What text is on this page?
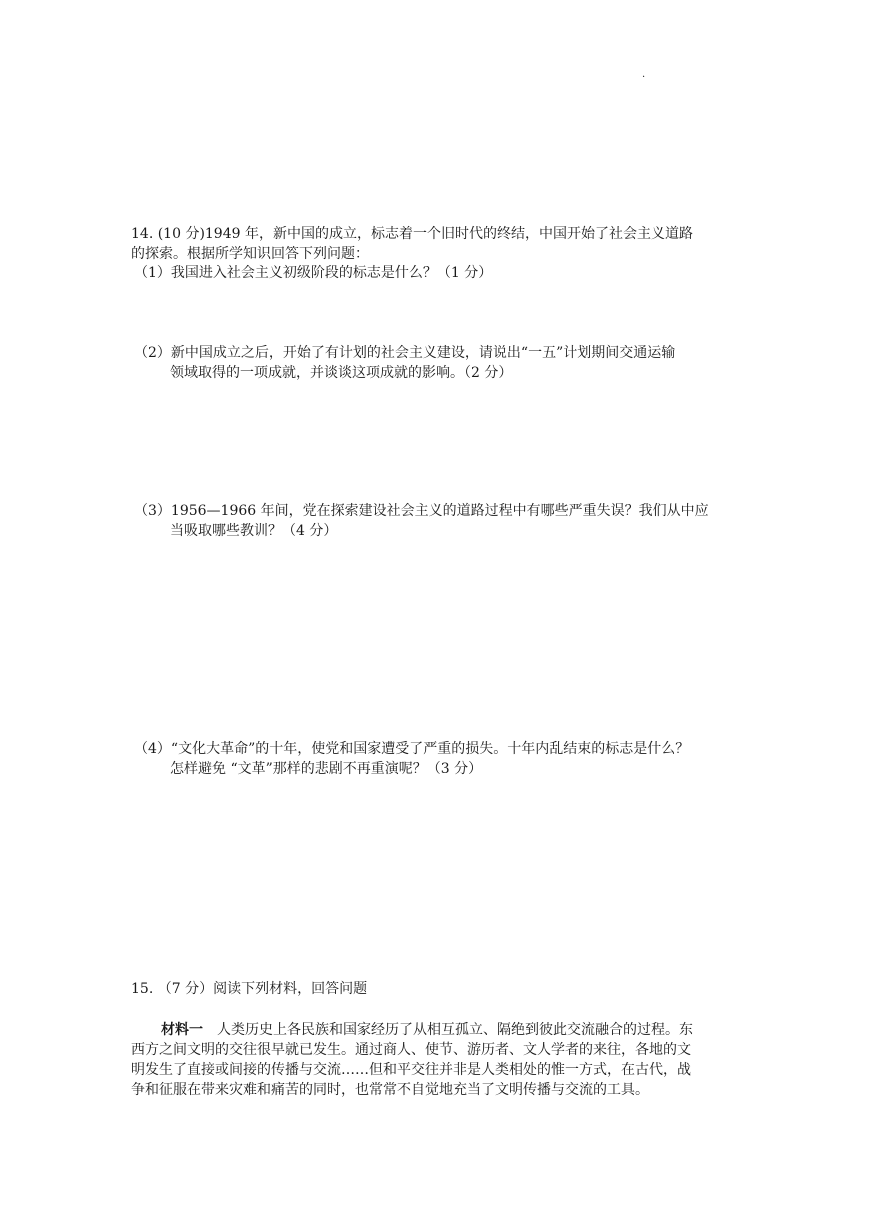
.
14. (10 分)1949 年，新中国的成立，标志着一个旧时代的终结，中国开始了社会主义道路
的探索。根据所学知识回答下列问题：
（1）我国进入社会主义初级阶段的标志是什么？（1 分）
（2）新中国成立之后，开始了有计划的社会主义建设，请说出“一五”计划期间交通运输
领域取得的一项成就，并谈谈这项成就的影响。（2 分）
（3）1956—1966 年间，党在探索建设社会主义的道路过程中有哪些严重失误？我们从中应
当吸取哪些教训？（4 分）
（4）“文化大革命”的十年，使党和国家遭受了严重的损失。十年内乱结束的标志是什么？
怎样避免 “文革”那样的悲剧不再重演呢？（3 分）
15. （7 分）阅读下列材料，回答问题
材料一 人类历史上各民族和国家经历了从相互孤立、隔绝到彼此交流融合的过程。东
西方之间文明的交往很早就已发生。通过商人、使节、游历者、文人学者的来往，各地的文
明发生了直接或间接的传播与交流……但和平交往并非是人类相处的惟一方式，在古代，战
争和征服在带来灾难和痛苦的同时，也常常不自觉地充当了文明传播与交流的工具。
